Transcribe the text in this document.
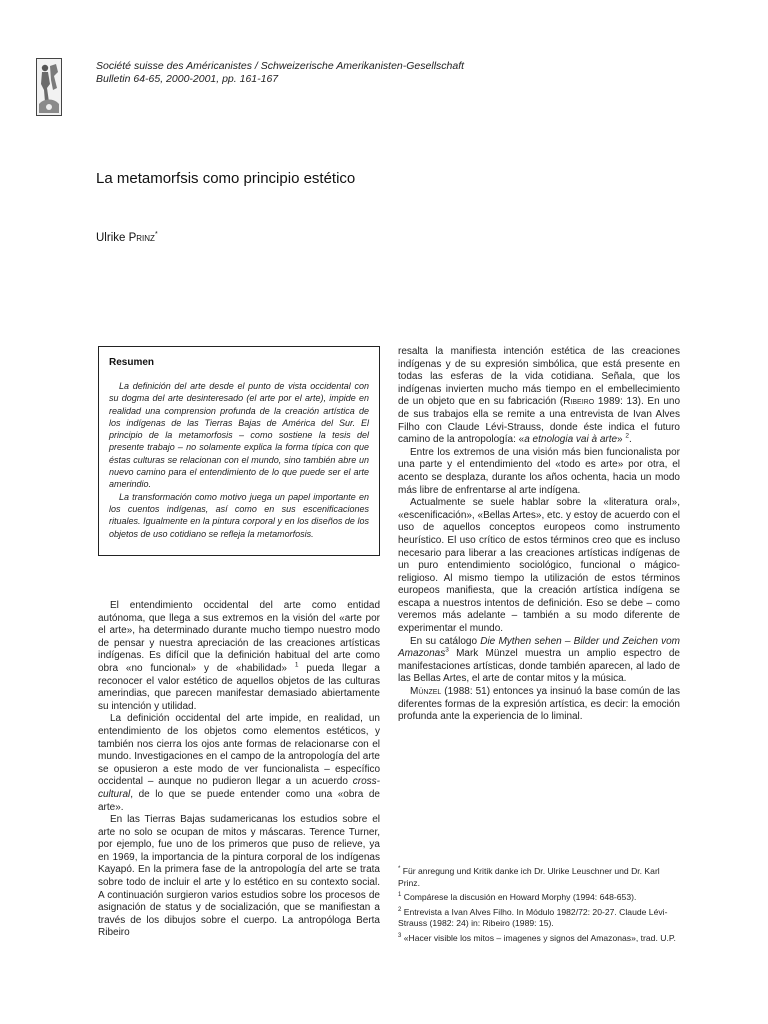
Société suisse des Américanistes / Schweizerische Amerikanisten-Gesellschaft
Bulletin 64-65, 2000-2001, pp. 161-167
La metamorfsis como principio estético
Ulrike Prinz*
Resumen

La definición del arte desde el punto de vista occidental con su dogma del arte desinteresado (el arte por el arte), impide en realidad una comprension profunda de la creación artística de los indígenas de las Tierras Bajas de América del Sur. El principio de la metamorfosis – como sostiene la tesis del presente trabajo – no solamente explica la forma típica con que éstas culturas se relacionan con el mundo, sino también abre un nuevo camino para el entendimiento de lo que puede ser el arte amerindio.

La transformación como motivo juega un papel importante en los cuentos indígenas, así como en sus escenificaciones rituales. Igualmente en la pintura corporal y en los diseños de los objetos de uso cotidiano se refleja la metamorfosis.

El entendimiento occidental del arte como entidad autónoma, que llega a sus extremos en la visión del «arte por el arte», ha determinado durante mucho tiempo nuestro modo de pensar y nuestra apreciación de las creaciones artísticas indígenas. Es difícil que la definición habitual del arte como obra «no funcional» y de «habilidad» $^1$ pueda llegar a reconocer el valor estético de aquellos objetos de las culturas amerindias, que parecen manifestar demasiado abiertamente su intención y utilidad.

La definición occidental del arte impide, en realidad, un entendimiento de los objetos como elementos estéticos, y también nos cierra los ojos ante formas de relacionarse con el mundo. Investigaciones en el campo de la antropología del arte se opusieron a este modo de ver funcionalista – específico occidental – aunque no pudieron llegar a un acuerdo cross-cultural, de lo que se puede entender como una «obra de arte».

En las Tierras Bajas sudamericanas los estudios sobre el arte no solo se ocupan de mitos y máscaras. Terence Turner, por ejemplo, fue uno de los primeros que puso de relieve, ya en 1969, la importancia de la pintura corporal de los indígenas Kayapó. En la primera fase de la antropología del arte se trata sobre todo de incluir el arte y lo estético en su contexto social. A continuación surgieron varios estudios sobre los procesos de asignación de status y de socialización, que se manifiestan a través de los dibujos sobre el cuerpo. La antropóloga Berta Ribeiro

resalta la manifiesta intención estética de las creaciones indígenas y de su expresión simbólica, que está presente en todas las esferas de la vida cotidiana. Señala, que los indígenas invierten mucho más tiempo en el embellecimiento de un objeto que en su fabricación (Ribeiro 1989: 13). En uno de sus trabajos ella se remite a una entrevista de Ivan Alves Filho con Claude Lévi-Strauss, donde éste indica el futuro camino de la antropología: «a etnologia vai à arte» $^2$.

Entre los extremos de una visión más bien funcionalista por una parte y el entendimiento del «todo es arte» por otra, el acento se desplaza, durante los años ochenta, hacia un modo más libre de enfrentarse al arte indígena.

Actualmente se suele hablar sobre la «literatura oral», «escenificación», «Bellas Artes», etc. y estoy de acuerdo con el uso de aquellos conceptos europeos como instrumento heurístico. El uso crítico de estos términos creo que es incluso necesario para liberar a las creaciones artísticas indígenas de un puro entendimiento sociológico, funcional o mágico-religioso. Al mismo tiempo la utilización de estos términos europeos manifiesta, que la creación artística indígena se escapa a nuestros intentos de definición. Eso se debe – como veremos más adelante – también a su modo diferente de experimentar el mundo.

En su catálogo Die Mythen sehen – Bilder und Zeichen vom Amazonas$^3$ Mark Münzel muestra un amplio espectro de manifestaciones artísticas, donde también aparecen, al lado de las Bellas Artes, el arte de contar mitos y la música.

Münzel (1988: 51) entonces ya insinuó la base común de las diferentes formas de la expresión artística, es decir: la emoción profunda ante la experiencia de lo liminal.

* Für anregung und Kritik danke ich Dr. Ulrike Leuschner und Dr. Karl Prinz.

$^1$ Compárese la discusión en Howard Morphy (1994: 648-653).

$^2$ Entrevista a Ivan Alves Filho. In Módulo 1982/72: 20-27. Claude Lévi-Strauss (1982: 24) in: Ribeiro (1989: 15).

$^3$ «Hacer visible los mitos – imagenes y signos del Amazonas», trad. U.P.
